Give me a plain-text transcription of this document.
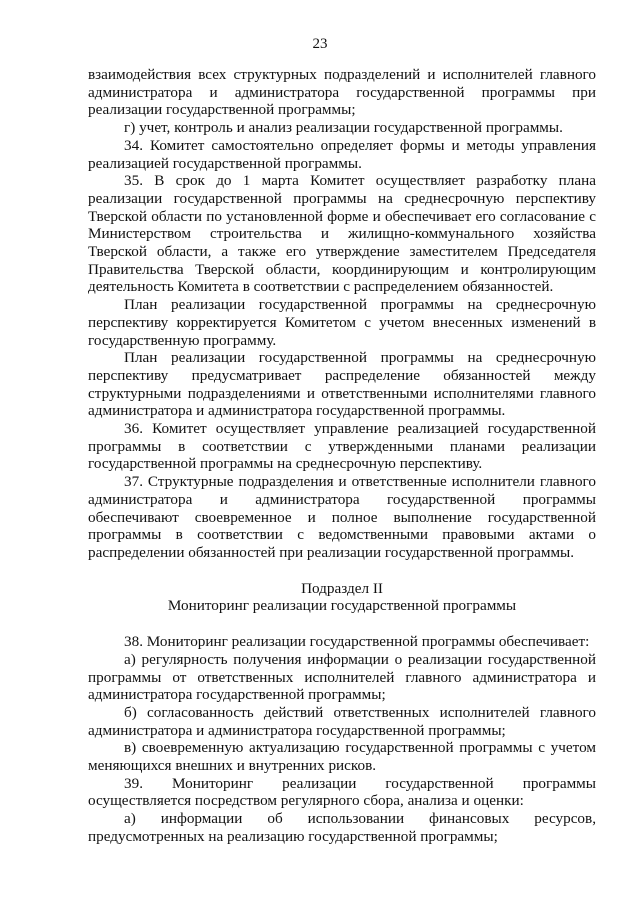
23

взаимодействия всех структурных подразделений и исполнителей главного администратора и администратора государственной программы при реализации государственной программы;

г) учет, контроль и анализ реализации государственной программы.

34. Комитет самостоятельно определяет формы и методы управления реализацией государственной программы.

35. В срок до 1 марта Комитет осуществляет разработку плана реализации государственной программы на среднесрочную перспективу Тверской области по установленной форме и обеспечивает его согласование с Министерством строительства и жилищно-коммунального хозяйства Тверской области, а также его утверждение заместителем Председателя Правительства Тверской области, координирующим и контролирующим деятельность Комитета в соответствии с распределением обязанностей.

План реализации государственной программы на среднесрочную перспективу корректируется Комитетом с учетом внесенных изменений в государственную программу.

План реализации государственной программы на среднесрочную перспективу предусматривает распределение обязанностей между структурными подразделениями и ответственными исполнителями главного администратора и администратора государственной программы.

36. Комитет осуществляет управление реализацией государственной программы в соответствии с утвержденными планами реализации государственной программы на среднесрочную перспективу.

37. Структурные подразделения и ответственные исполнители главного администратора и администратора государственной программы обеспечивают своевременное и полное выполнение государственной программы в соответствии с ведомственными правовыми актами о распределении обязанностей при реализации государственной программы.

Подраздел II

Мониторинг реализации государственной программы

38. Мониторинг реализации государственной программы обеспечивает:

а) регулярность получения информации о реализации государственной программы от ответственных исполнителей главного администратора и администратора государственной программы;

б) согласованность действий ответственных исполнителей главного администратора и администратора государственной программы;

в) своевременную актуализацию государственной программы с учетом меняющихся внешних и внутренних рисков.

39. Мониторинг реализации государственной программы осуществляется посредством регулярного сбора, анализа и оценки:

а) информации об использовании финансовых ресурсов, предусмотренных на реализацию государственной программы;
